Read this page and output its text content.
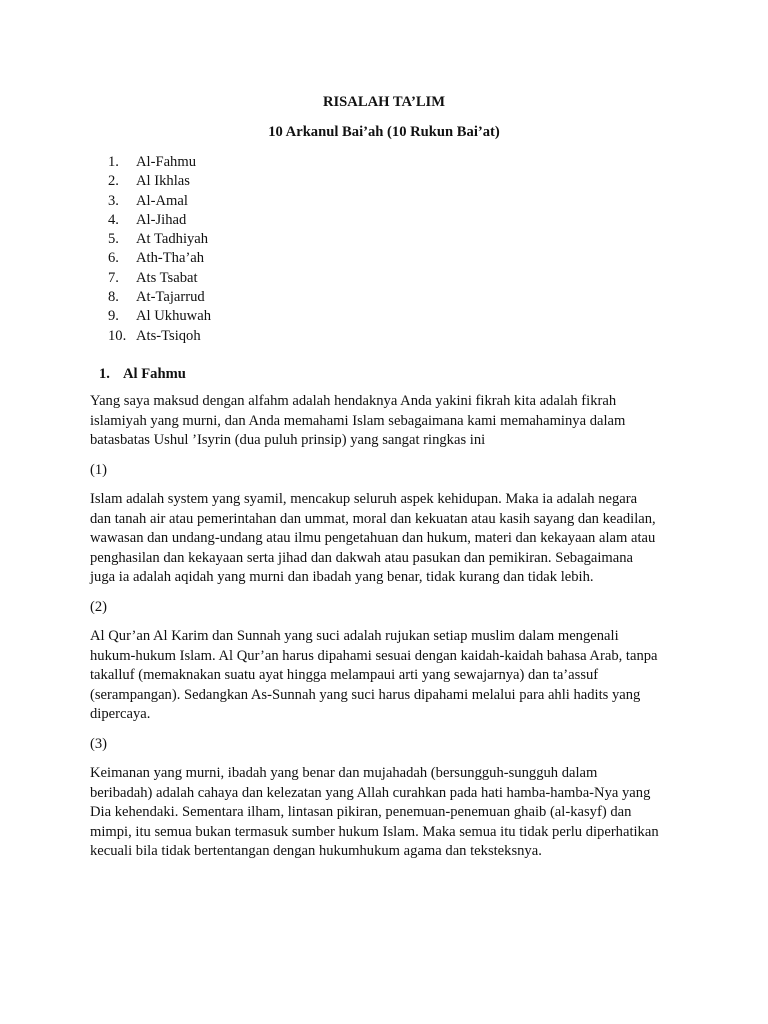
RISALAH TA’LIM
10 Arkanul Bai’ah (10 Rukun Bai’at)
1. Al-Fahmu
2. Al Ikhlas
3. Al-Amal
4. Al-Jihad
5. At Tadhiyah
6. Ath-Tha’ah
7. Ats Tsabat
8. At-Tajarrud
9. Al Ukhuwah
10. Ats-Tsiqoh
1. Al Fahmu
Yang saya maksud dengan alfahm adalah hendaknya Anda yakini fikrah kita adalah fikrah
islamiyah yang murni, dan Anda memahami Islam sebagaimana kami memahaminya dalam
batasbatas Ushul ’Isyrin (dua puluh prinsip) yang sangat ringkas ini
(1)
Islam adalah system yang syamil, mencakup seluruh aspek kehidupan. Maka ia adalah negara
dan tanah air atau pemerintahan dan ummat, moral dan kekuatan atau kasih sayang dan keadilan,
wawasan dan undang-undang atau ilmu pengetahuan dan hukum, materi dan kekayaan alam atau
penghasilan dan kekayaan serta jihad dan dakwah atau pasukan dan pemikiran. Sebagaimana
juga ia adalah aqidah yang murni dan ibadah yang benar, tidak kurang dan tidak lebih.
(2)
Al Qur’an Al Karim dan Sunnah yang suci adalah rujukan setiap muslim dalam mengenali
hukum-hukum Islam. Al Qur’an harus dipahami sesuai dengan kaidah-kaidah bahasa Arab, tanpa
takalluf (memaknakan suatu ayat hingga melampaui arti yang sewajarnya) dan ta’assuf
(serampangan). Sedangkan As-Sunnah yang suci harus dipahami melalui para ahli hadits yang
dipercaya.
(3)
Keimanan yang murni, ibadah yang benar dan mujahadah (bersungguh-sungguh dalam
beribadah) adalah cahaya dan kelezatan yang Allah curahkan pada hati hamba-hamba-Nya yang
Dia kehendaki. Sementara ilham, lintasan pikiran, penemuan-penemuan ghaib (al-kasyf) dan
mimpi, itu semua bukan termasuk sumber hukum Islam. Maka semua itu tidak perlu diperhatikan
kecuali bila tidak bertentangan dengan hukumhukum agama dan teksteksnya.
